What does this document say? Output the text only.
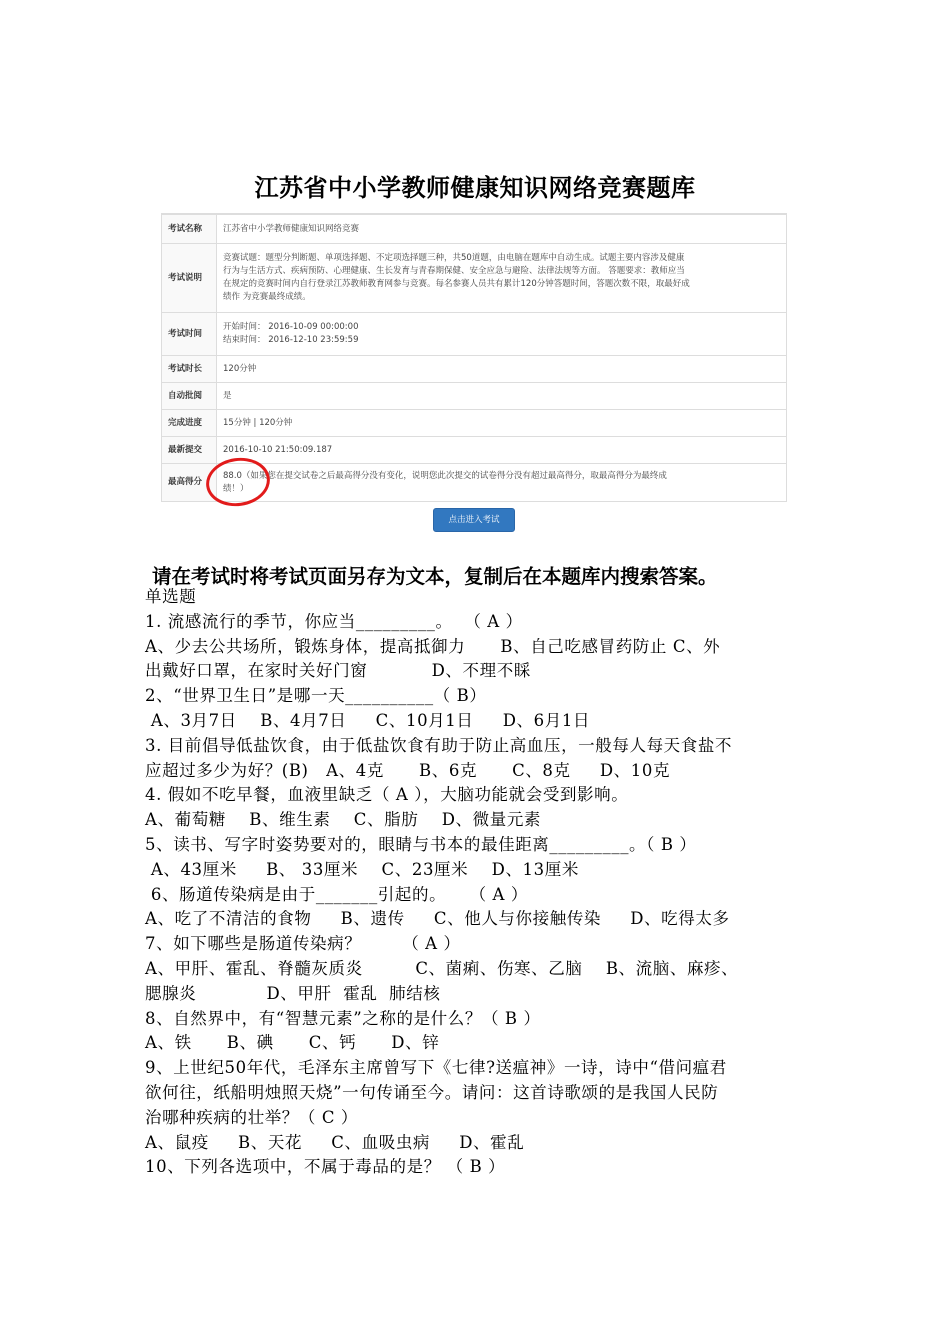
江苏省中小学教师健康知识网络竞赛题库
考试名称	江苏省中小学教师健康知识网络竞赛
考试说明	竞赛试题：题型分判断题、单项选择题、不定项选择题三种，共50道题，由电脑在题库中自动生成。试题主要内容涉及健康
行为与生活方式、疾病预防、心理健康、生长发育与青春期保健、安全应急与避险、法律法规等方面。 答题要求：教师应当
在规定的竞赛时间内自行登录江苏教师教育网参与竞赛。每名参赛人员共有累计120分钟答题时间，答题次数不限，取最好成
绩作 为竞赛最终成绩。

考试时间	开始时间： 2016-10-09 00:00:00
结束时间： 2016-12-10 23:59:59

考试时长	120分钟
自动批阅	是
完成进度	15分钟 | 120分钟
最新提交	2016-10-10 21:50:09.187
最高得分	88.0（如果您在提交试卷之后最高得分没有变化，说明您此次提交的试卷得分没有超过最高得分，取最高得分为最终成
绩！）
点击进入考试
请在考试时将考试页面另存为文本，复制后在本题库内搜索答案。
单选题
1. 流感流行的季节，你应当_________。  （ A ）
A、少去公共场所，锻炼身体，提高抵御力      B、自己吃感冒药防止 C、外
出戴好口罩，在家时关好门窗           D、不理不睬
2、“世界卫生日”是哪一天__________（ B）
A、3月7日    B、4月7日     C、10月1日     D、6月1日
3. 目前倡导低盐饮食，由于低盐饮食有助于防止高血压，一般每人每天食盐不
应超过多少为好？(B)   A、4克      B、6克      C、8克     D、10克
4. 假如不吃早餐，血液里缺乏（ A ），大脑功能就会受到影响。
A、葡萄糖    B、维生素    C、脂肪    D、微量元素
5、读书、写字时姿势要对的，眼睛与书本的最佳距离_________。（ B ）
A、43厘米     B、 33厘米    C、23厘米    D、13厘米
6、肠道传染病是由于_______引起的。    （ A ）
A、吃了不清洁的食物     B、遗传     C、他人与你接触传染     D、吃得太多
7、如下哪些是肠道传染病？       （ A ）
A、甲肝、霍乱、脊髓灰质炎         C、菌痢、伤寒、乙脑    B、流脑、麻疹、
腮腺炎            D、甲肝  霍乱  肺结核
8、自然界中，有“智慧元素”之称的是什么？（ B ）
A、铁      B、碘      C、钙      D、锌
9、上世纪50年代，毛泽东主席曾写下《七律?送瘟神》一诗，诗中“借问瘟君
欲何往，纸船明烛照天烧”一句传诵至今。请问：这首诗歌颂的是我国人民防
治哪种疾病的壮举？（ C ）
A、鼠疫     B、天花     C、血吸虫病     D、霍乱
10、下列各选项中，不属于毒品的是？ （ B ）
